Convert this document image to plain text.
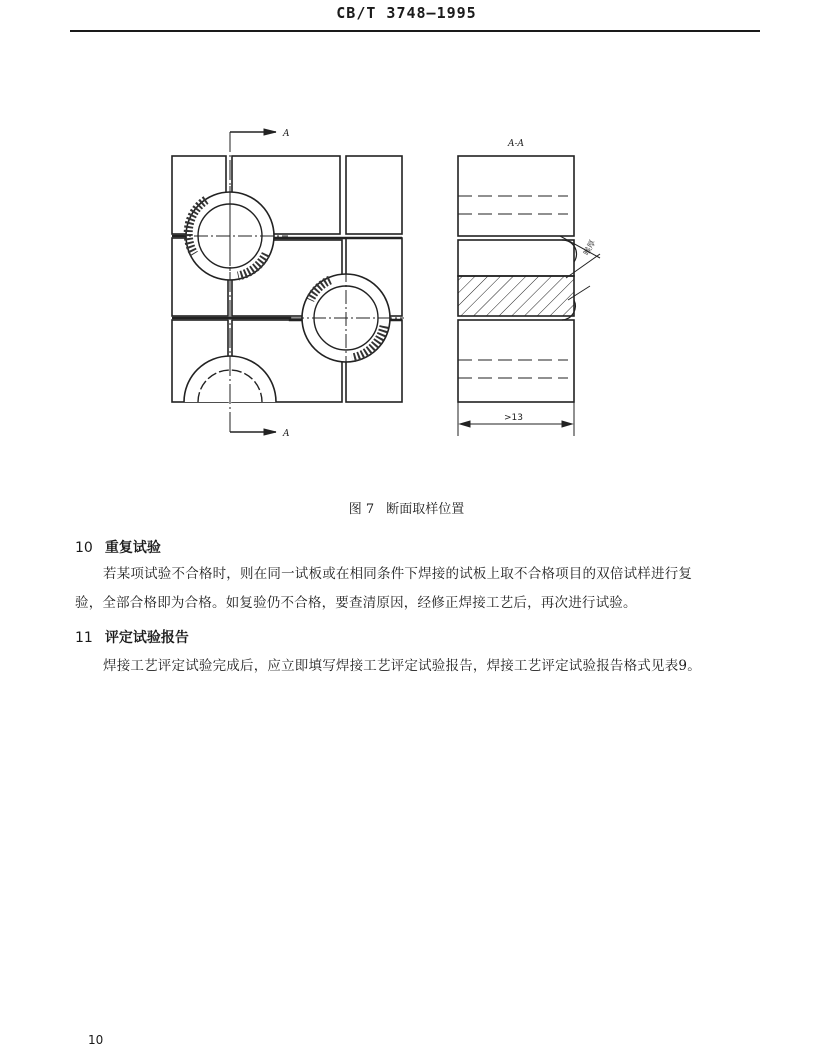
CB/T 3748—1995
A
A
喉厚
A-A
>13
图 7 断面取样位置
10 重复试验
若某项试验不合格时，则在同一试板或在相同条件下焊接的试板上取不合格项目的双倍试样进行复验，全部合格即为合格。如复验仍不合格，要查清原因，经修正焊接工艺后，再次进行试验。
11 评定试验报告
焊接工艺评定试验完成后，应立即填写焊接工艺评定试验报告，焊接工艺评定试验报告格式见表9。
10
